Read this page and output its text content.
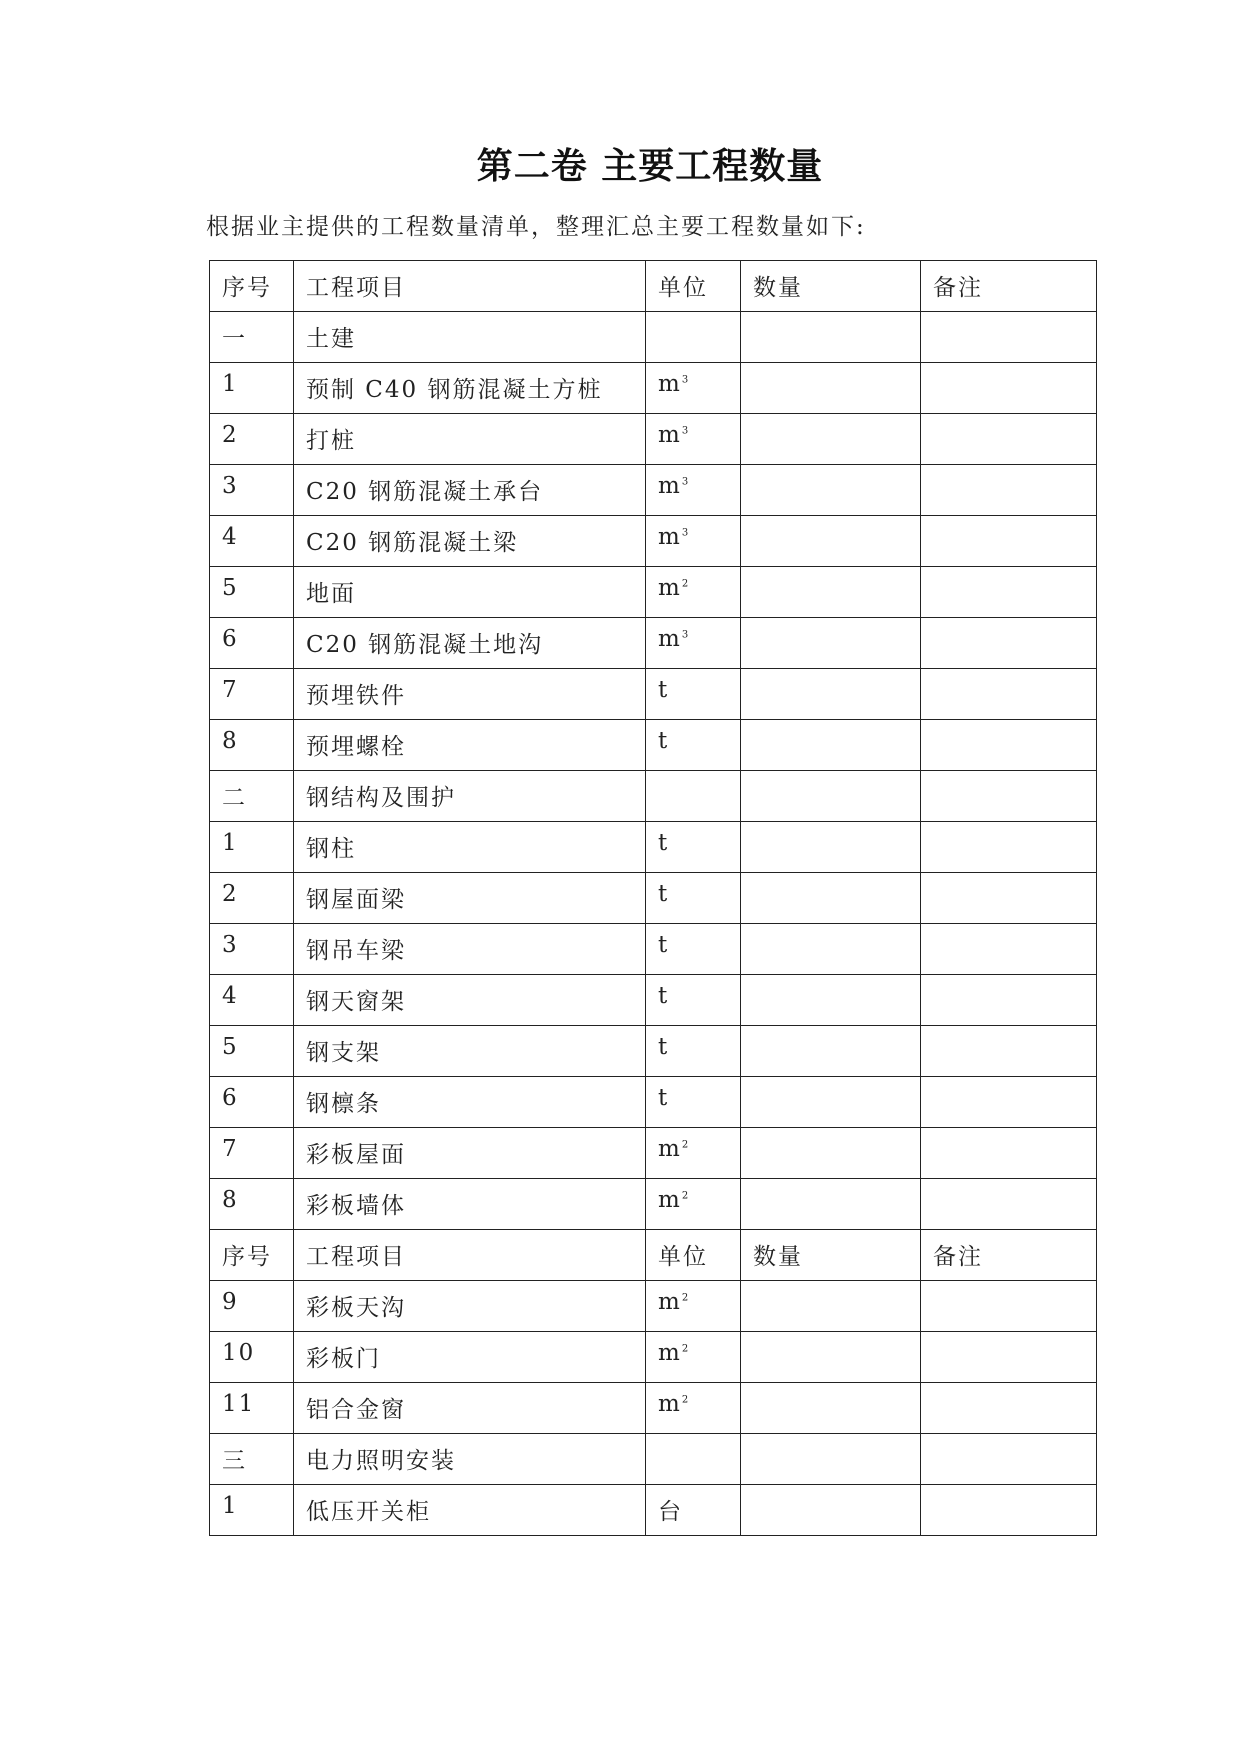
第二卷 主要工程数量
根据业主提供的工程数量清单，整理汇总主要工程数量如下:
序号	工程项目	单位	数量	备注
一	土建			
1	预制 C40 钢筋混凝土方桩	$m^3$		
2	打桩	$m^3$		
3	C20 钢筋混凝土承台	$m^3$		
4	C20 钢筋混凝土梁	$m^3$		
5	地面	$m^2$		
6	C20 钢筋混凝土地沟	$m^3$		
7	预埋铁件	t		
8	预埋螺栓	t		
二	钢结构及围护			
1	钢柱	t		
2	钢屋面梁	t		
3	钢吊车梁	t		
4	钢天窗架	t		
5	钢支架	t		
6	钢檩条	t		
7	彩板屋面	$m^2$		
8	彩板墙体	$m^2$		
序号	工程项目	单位	数量	备注
9	彩板天沟	$m^2$		
10	彩板门	$m^2$		
11	铝合金窗	$m^2$		
三	电力照明安装			
1	低压开关柜	台		
